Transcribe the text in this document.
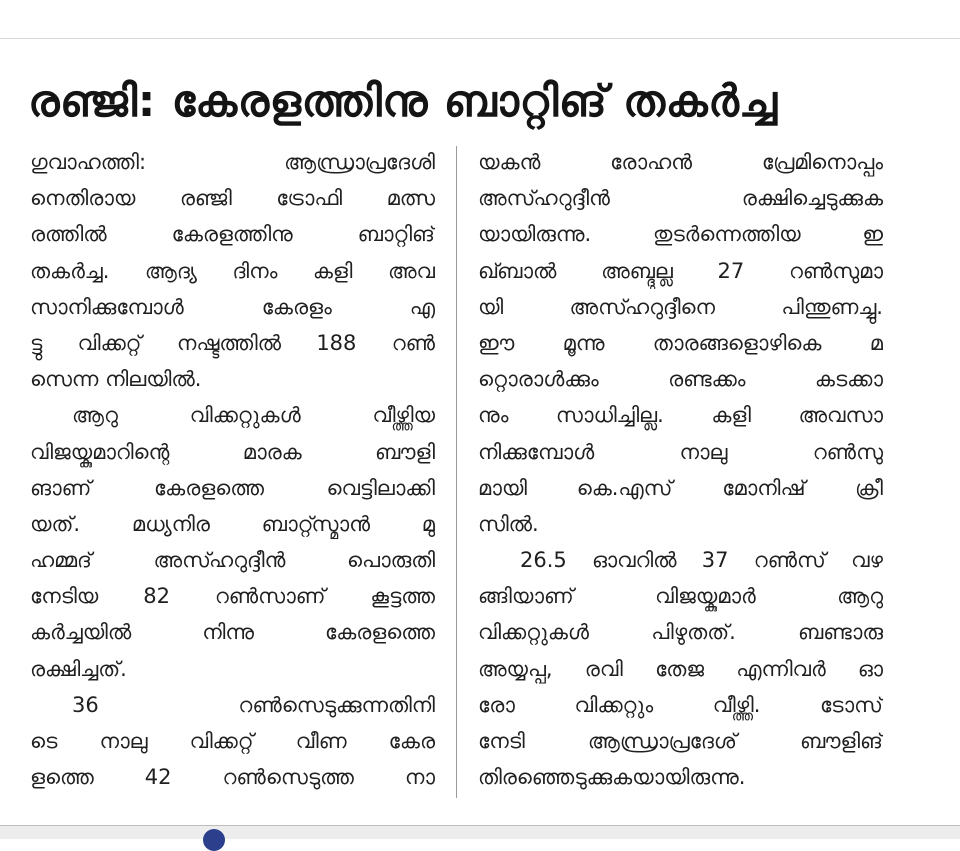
രഞ്ജി: കേരളത്തിനു ബാറ്റിങ് തകർച്ച
ഗുവാഹത്തി: ആന്ധ്രാപ്രദേശി
നെതിരായ രഞ്ജി ട്രോഫി മത്സ
രത്തിൽ കേരളത്തിനു ബാറ്റിങ്
തകർച്ച. ആദ്യ ദിനം കളി അവ
സാനിക്കുമ്പോൾ കേരളം എ
ട്ടു വിക്കറ്റ് നഷ്ടത്തിൽ 188 റൺ
സെന്ന നിലയിൽ.
ആറു വിക്കറ്റുകൾ വീഴ്ത്തിയ
വിജയ്കുമാറിന്റെ മാരക ബൗളി
ങാണ് കേരളത്തെ വെട്ടിലാക്കി
യത്. മധ്യനിര ബാറ്റ്സ്മാൻ മു
ഹമ്മദ് അസ്ഹറുദ്ദീൻ പൊരുതി
നേടിയ 82 റൺസാണ് കൂട്ടത്ത
കർച്ചയിൽ നിന്നു കേരളത്തെ
രക്ഷിച്ചത്.
36 റൺസെടുക്കുന്നതിനി
ടെ നാലു വിക്കറ്റ് വീണ കേര
ളത്തെ 42 റൺസെടുത്ത നാ
യകൻ രോഹൻ പ്രേമിനൊപ്പം
അസ്ഹറുദ്ദീൻ രക്ഷിച്ചെടുക്കുക
യായിരുന്നു. തുടർന്നെത്തിയ ഇ
ഖ്ബാൽ അബ്ദുല്ല 27 റൺസുമാ
യി അസ്ഹറുദ്ദീനെ പിന്തുണച്ചു.
ഈ മൂന്നു താരങ്ങളൊഴികെ മ
റ്റൊരാൾക്കും രണ്ടക്കം കടക്കാ
നും സാധിച്ചില്ല. കളി അവസാ
നിക്കുമ്പോൾ നാലു റൺസു
മായി കെ.എസ് മോനിഷ് ക്രീ
സിൽ.
26.5 ഓവറിൽ 37 റൺസ് വഴ
ങ്ങിയാണ് വിജയ്കുമാർ ആറു
വിക്കറ്റുകൾ പിഴുതത്. ബണ്ടാരു
അയ്യപ്പ, രവി തേജ എന്നിവർ ഓ
രോ വിക്കറ്റും വീഴ്ത്തി. ടോസ്
നേടി ആന്ധ്രാപ്രദേശ് ബൗളിങ്
തിരഞ്ഞെടുക്കുകയായിരുന്നു.
